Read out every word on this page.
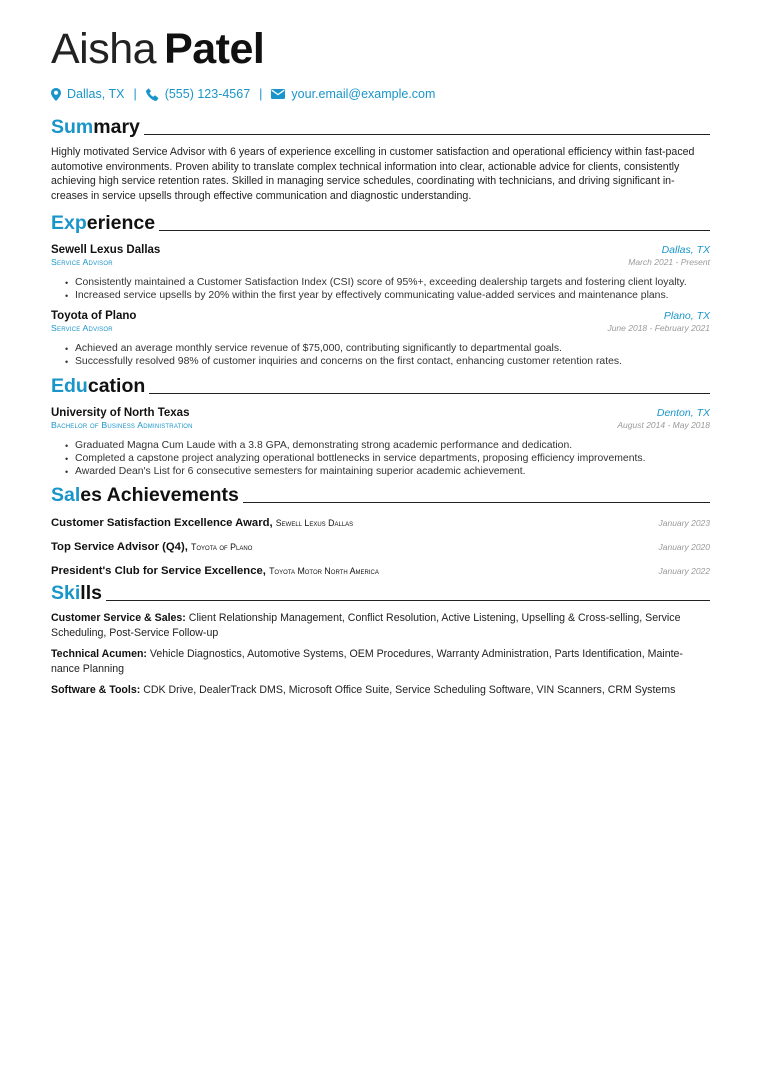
Aisha Patel
Dallas, TX | (555) 123-4567 | your.email@example.com
Summary
Highly motivated Service Advisor with 6 years of experience excelling in customer satisfaction and operational efficiency within fast-paced automotive environments. Proven ability to translate complex technical information into clear, actionable advice for clients, consistently achieving high service retention rates. Skilled in managing service schedules, coordinating with technicians, and driving significant in-creases in service upsells through effective communication and diagnostic understanding.
Experience
Sewell Lexus Dallas	Dallas, TX
Service Advisor	March 2021 - Present
• Consistently maintained a Customer Satisfaction Index (CSI) score of 95%+, exceeding dealership targets and fostering client loyalty.
• Increased service upsells by 20% within the first year by effectively communicating value-added services and maintenance plans.
Toyota of Plano	Plano, TX
Service Advisor	June 2018 - February 2021
• Achieved an average monthly service revenue of $75,000, contributing significantly to departmental goals.
• Successfully resolved 98% of customer inquiries and concerns on the first contact, enhancing customer retention rates.
Education
University of North Texas	Denton, TX
Bachelor of Business Administration	August 2014 - May 2018
• Graduated Magna Cum Laude with a 3.8 GPA, demonstrating strong academic performance and dedication.
• Completed a capstone project analyzing operational bottlenecks in service departments, proposing efficiency improvements.
• Awarded Dean's List for 6 consecutive semesters for maintaining superior academic achievement.
Sales Achievements
Customer Satisfaction Excellence Award, Sewell Lexus Dallas	January 2023
Top Service Advisor (Q4), Toyota of Plano	January 2020
President's Club for Service Excellence, Toyota Motor North America	January 2022
Skills
Customer Service & Sales: Client Relationship Management, Conflict Resolution, Active Listening, Upselling & Cross-selling, Service Scheduling, Post-Service Follow-up
Technical Acumen: Vehicle Diagnostics, Automotive Systems, OEM Procedures, Warranty Administration, Parts Identification, Mainte-nance Planning
Software & Tools: CDK Drive, DealerTrack DMS, Microsoft Office Suite, Service Scheduling Software, VIN Scanners, CRM Systems
